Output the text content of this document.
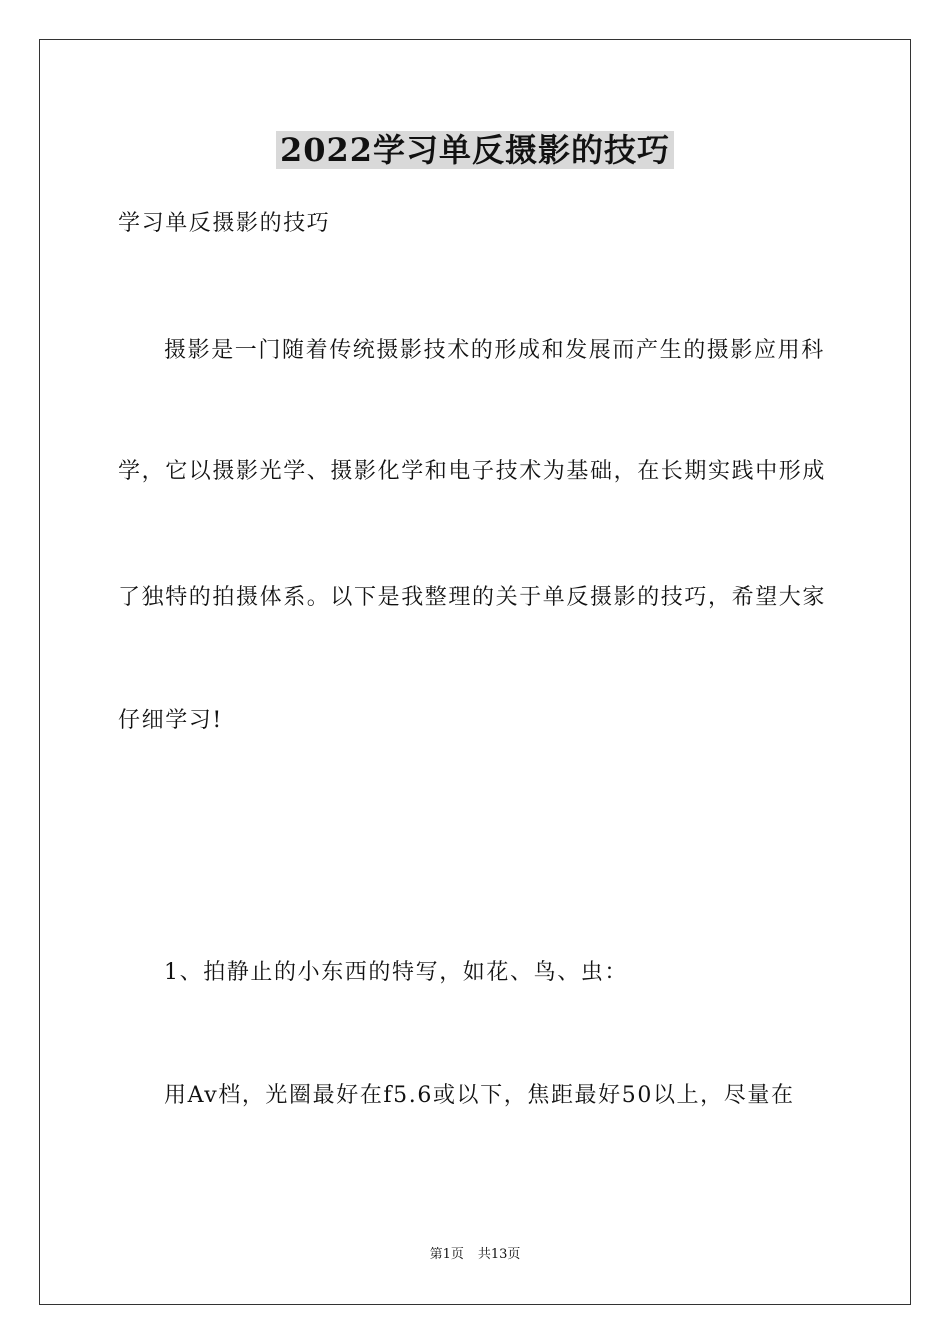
2022学习单反摄影的技巧
学习单反摄影的技巧
摄影是一门随着传统摄影技术的形成和发展而产生的摄影应用科
学，它以摄影光学、摄影化学和电子技术为基础，在长期实践中形成
了独特的拍摄体系。以下是我整理的关于单反摄影的技巧，希望大家
仔细学习!
1、拍静止的小东西的特写，如花、鸟、虫：
用Av档，光圈最好在f5.6或以下，焦距最好50以上，尽量在
第1页 共13页
